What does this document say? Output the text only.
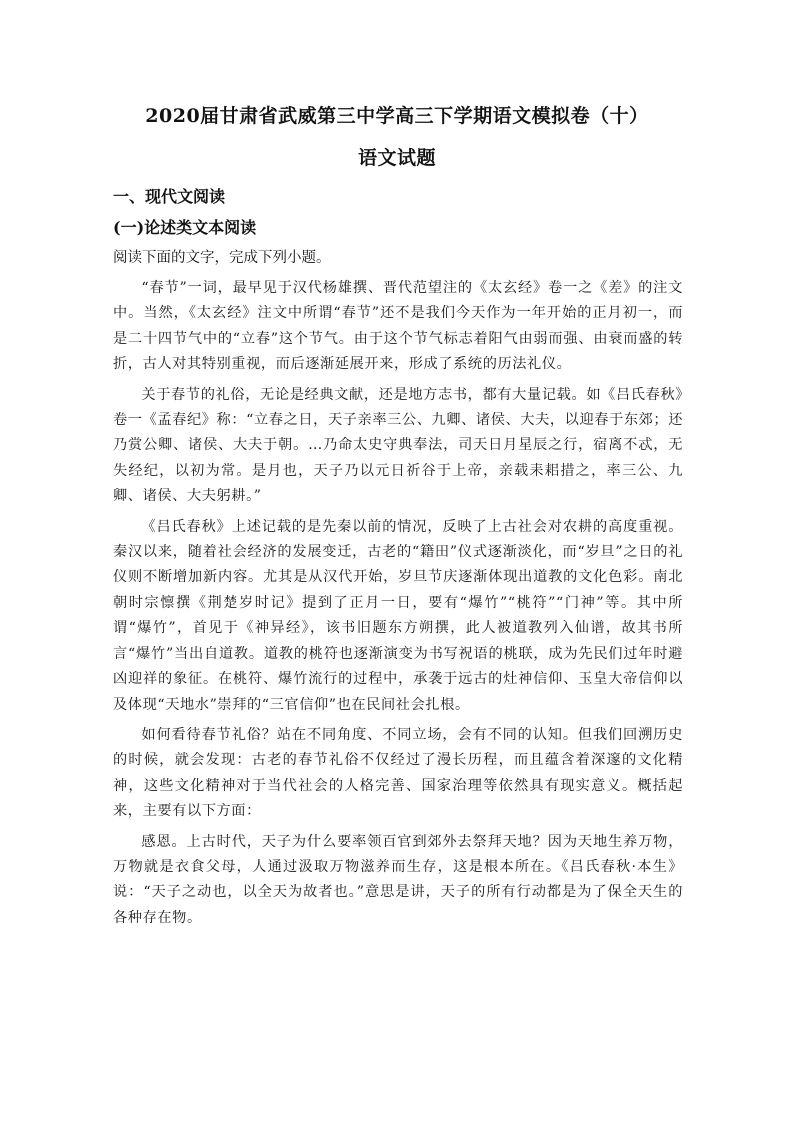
2020届甘肃省武威第三中学高三下学期语文模拟卷（十）
语文试题
一、现代文阅读
(一)论述类文本阅读
阅读下面的文字，完成下列小题。

“春节”一词，最早见于汉代杨雄撰、晋代范望注的《太玄经》卷一之《差》的注文中。当然，《太玄经》注文中所谓“春节”还不是我们今天作为一年开始的正月初一，而是二十四节气中的“立春”这个节气。由于这个节气标志着阳气由弱而强、由衰而盛的转折，古人对其特别重视，而后逐渐延展开来，形成了系统的历法礼仪。

关于春节的礼俗，无论是经典文献，还是地方志书，都有大量记载。如《吕氏春秋》卷一《孟春纪》称：“立春之日，天子亲率三公、九卿、诸侯、大夫，以迎春于东郊；还乃赏公卿、诸侯、大夫于朝。…乃命太史守典奉法，司天日月星辰之行，宿离不忒，无失经纪，以初为常。是月也，天子乃以元日祈谷于上帝，亲载耒耜措之，率三公、九卿、诸侯、大夫躬耕。”

《吕氏春秋》上述记载的是先秦以前的情况，反映了上古社会对农耕的高度重视。秦汉以来，随着社会经济的发展变迁，古老的“籍田”仪式逐渐淡化，而“岁旦”之日的礼仪则不断增加新内容。尤其是从汉代开始，岁旦节庆逐渐体现出道教的文化色彩。南北朝时宗懔撰《荆楚岁时记》提到了正月一日，要有“爆竹”“桃符”“门神”等。其中所谓“爆竹”，首见于《神异经》，该书旧题东方朔撰，此人被道教列入仙谱，故其书所言“爆竹”当出自道教。道教的桃符也逐渐演变为书写祝语的桃联，成为先民们过年时避凶迎祥的象征。在桃符、爆竹流行的过程中，承袭于远古的灶神信仰、玉皇大帝信仰以及体现“天地水”崇拜的“三官信仰”也在民间社会扎根。

如何看待春节礼俗？站在不同角度、不同立场，会有不同的认知。但我们回溯历史的时候，就会发现：古老的春节礼俗不仅经过了漫长历程，而且蕴含着深邃的文化精神，这些文化精神对于当代社会的人格完善、国家治理等依然具有现实意义。概括起来，主要有以下方面：

感恩。上古时代，天子为什么要率领百官到郊外去祭拜天地？因为天地生养万物，万物就是衣食父母，人通过汲取万物滋养而生存，这是根本所在。《吕氏春秋·本生》说：“天子之动也，以全天为故者也。”意思是讲，天子的所有行动都是为了保全天生的各种存在物。
